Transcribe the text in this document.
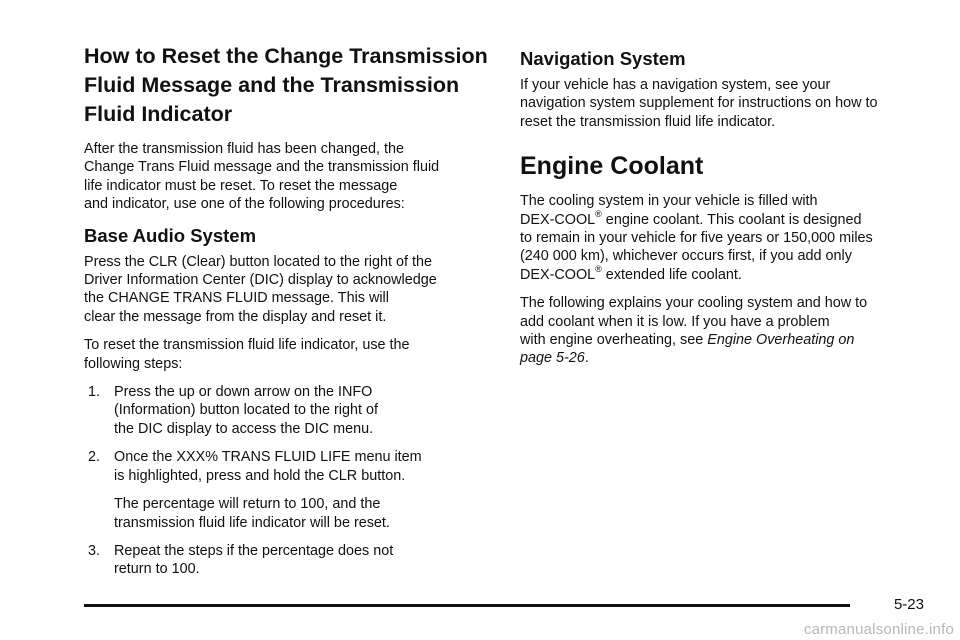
How to Reset the Change Transmission
Fluid Message and the Transmission
Fluid Indicator

After the transmission fluid has been changed, the
Change Trans Fluid message and the transmission fluid
life indicator must be reset. To reset the message
and indicator, use one of the following procedures:

Base Audio System

Press the CLR (Clear) button located to the right of the
Driver Information Center (DIC) display to acknowledge
the CHANGE TRANS FLUID message. This will
clear the message from the display and reset it.

To reset the transmission fluid life indicator, use the
following steps:

1. Press the up or down arrow on the INFO
(Information) button located to the right of
the DIC display to access the DIC menu.
2. Once the XXX% TRANS FLUID LIFE menu item
is highlighted, press and hold the CLR button.
The percentage will return to 100, and the
transmission fluid life indicator will be reset.
3. Repeat the steps if the percentage does not
return to 100.
Navigation System

If your vehicle has a navigation system, see your
navigation system supplement for instructions on how to
reset the transmission fluid life indicator.

Engine Coolant

The cooling system in your vehicle is filled with
DEX-COOL® engine coolant. This coolant is designed
to remain in your vehicle for five years or 150,000 miles
(240 000 km), whichever occurs first, if you add only
DEX-COOL® extended life coolant.

The following explains your cooling system and how to
add coolant when it is low. If you have a problem
with engine overheating, see Engine Overheating on
page 5-26.

5-23
carmanualsonline.info
